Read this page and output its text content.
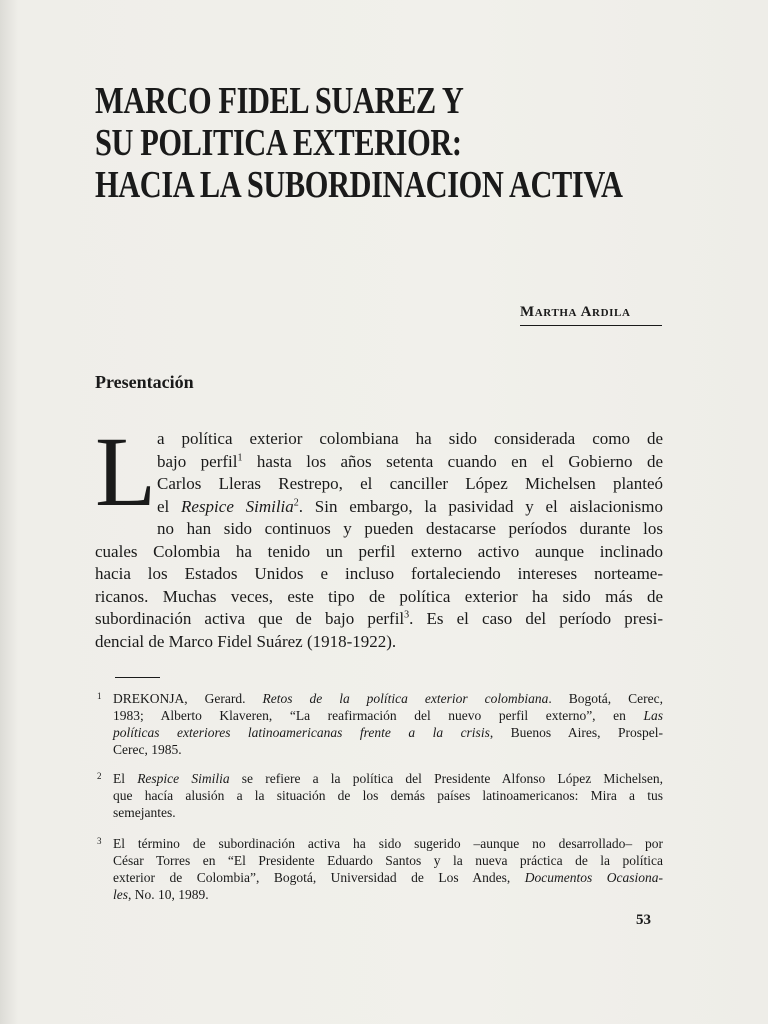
MARCO FIDEL SUAREZ Y
SU POLITICA EXTERIOR:
HACIA LA SUBORDINACION ACTIVA
Martha Ardila
Presentación
L a política exterior colombiana ha sido considerada como de
bajo perfil$^1$ hasta los años setenta cuando en el Gobierno de
Carlos Lleras Restrepo, el canciller López Michelsen planteó
el Respice Similia$^2$. Sin embargo, la pasividad y el aislacionismo
no han sido continuos y pueden destacarse períodos durante los
cuales Colombia ha tenido un perfil externo activo aunque inclinado
hacia los Estados Unidos e incluso fortaleciendo intereses norteame-
ricanos. Muchas veces, este tipo de política exterior ha sido más de
subordinación activa que de bajo perfil$^3$. Es el caso del período presi-
dencial de Marco Fidel Suárez (1918-1922).
1 DREKONJA, Gerard. Retos de la política exterior colombiana. Bogotá, Cerec,
1983; Alberto Klaveren, “La reafirmación del nuevo perfil externo”, en Las
políticas exteriores latinoamericanas frente a la crisis, Buenos Aires, Prospel-
Cerec, 1985.
2 El Respice Similia se refiere a la política del Presidente Alfonso López Michelsen,
que hacía alusión a la situación de los demás países latinoamericanos: Mira a tus
semejantes.
3 El término de subordinación activa ha sido sugerido –aunque no desarrollado– por
César Torres en “El Presidente Eduardo Santos y la nueva práctica de la política
exterior de Colombia”, Bogotá, Universidad de Los Andes, Documentos Ocasiona-
les, No. 10, 1989.
53
